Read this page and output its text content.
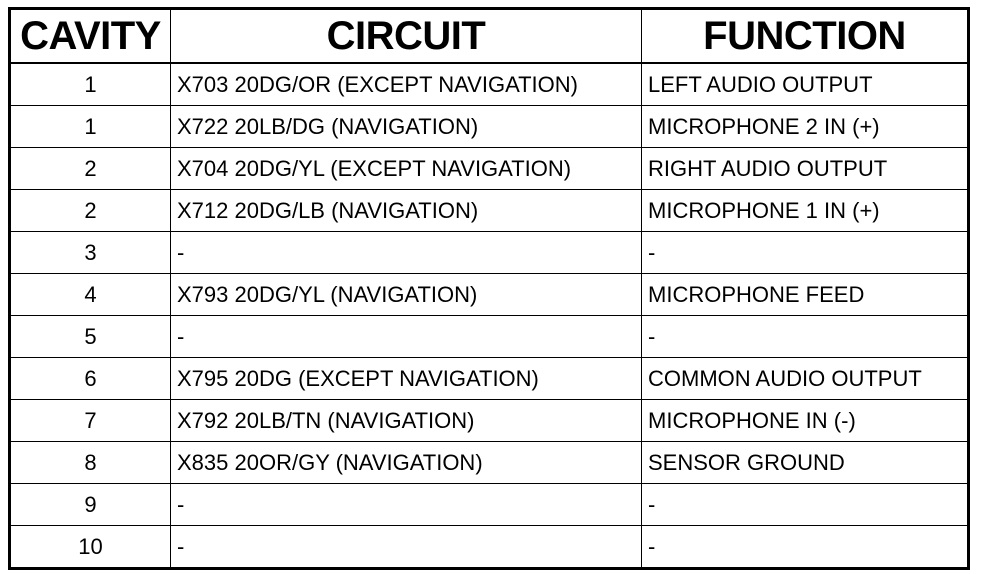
CAVITY	CIRCUIT	FUNCTION
1	X703 20DG/OR (EXCEPT NAVIGATION)	LEFT AUDIO OUTPUT
1	X722 20LB/DG (NAVIGATION)	MICROPHONE 2 IN (+)
2	X704 20DG/YL (EXCEPT NAVIGATION)	RIGHT AUDIO OUTPUT
2	X712 20DG/LB (NAVIGATION)	MICROPHONE 1 IN (+)
3	-	-
4	X793 20DG/YL (NAVIGATION)	MICROPHONE FEED
5	-	-
6	X795 20DG (EXCEPT NAVIGATION)	COMMON AUDIO OUTPUT
7	X792 20LB/TN (NAVIGATION)	MICROPHONE IN (-)
8	X835 20OR/GY (NAVIGATION)	SENSOR GROUND
9	-	-
10	-	-
